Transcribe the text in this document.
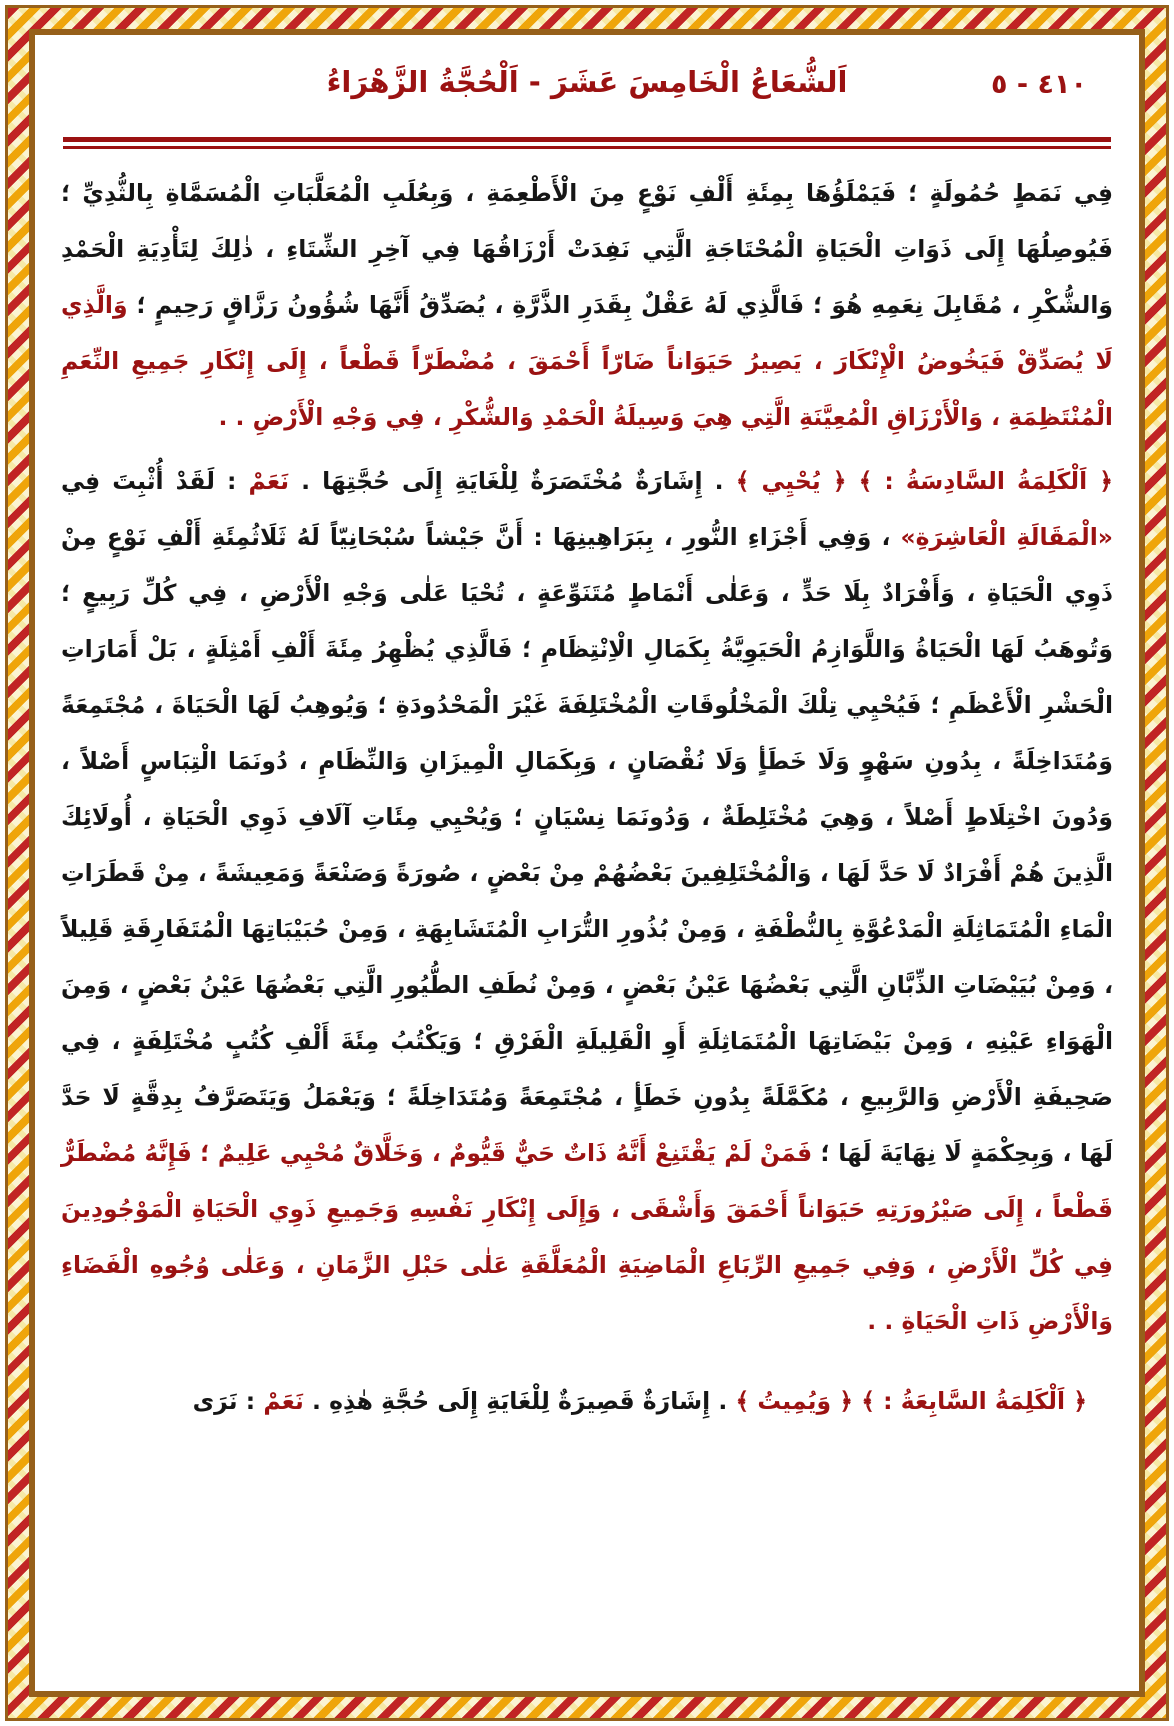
اَلشُّعَاعُ الْخَامِسَ عَشَرَ - اَلْحُجَّةُ الزَّهْرَاءُ	٤١٠ - ٥

فِي نَمَطٍ حُمُولَةٍ ؛ فَيَمْلَؤُهَا بِمِئَةِ أَلْفِ نَوْعٍ مِنَ الْأَطْعِمَةِ ، وَبِعُلَبِ الْمُعَلَّبَاتِ الْمُسَمَّاةِ بِالثُّدِيِّ ؛ فَيُوصِلُهَا إِلَى ذَوَاتِ الْحَيَاةِ الْمُحْتَاجَةِ الَّتِي نَفِدَتْ أَرْزَاقُهَا فِي آخِرِ الشِّتَاءِ ، ذٰلِكَ لِتَأْدِيَةِ الْحَمْدِ وَالشُّكْرِ ، مُقَابِلَ نِعَمِهِ هُوَ ؛ فَالَّذِي لَهُ عَقْلٌ بِقَدَرِ الذَّرَّةِ ، يُصَدِّقُ أَنَّهَا شُؤُونُ رَزَّاقٍ رَحِيمٍ ؛ وَالَّذِي لَا يُصَدِّقْ فَيَخُوضُ الْإِنْكَارَ ، يَصِيرُ حَيَوَاناً ضَارّاً أَحْمَقَ ، مُضْطَرّاً قَطْعاً ، إِلَى إِنْكَارِ جَمِيعِ النِّعَمِ الْمُنْتَظِمَةِ ، وَالْأَرْزَاقِ الْمُعِيَّنَةِ الَّتِي هِيَ وَسِيلَةُ الْحَمْدِ وَالشُّكْرِ ، فِي وَجْهِ الْأَرْضِ . .

﴿ اَلْكَلِمَةُ السَّادِسَةُ : ﴾ ﴿ يُحْيِي ﴾ . إِشَارَةٌ مُخْتَصَرَةٌ لِلْغَايَةِ إِلَى حُجَّتِهَا . نَعَمْ : لَقَدْ أُثْبِتَ فِي «الْمَقَالَةِ الْعَاشِرَةِ» ، وَفِي أَجْزَاءِ النُّورِ ، بِبَرَاهِينِهَا : أَنَّ جَيْشاً سُبْحَانِيّاً لَهُ ثَلَاثُمِئَةِ أَلْفِ نَوْعٍ مِنْ ذَوِي الْحَيَاةِ ، وَأَفْرَادٌ بِلَا حَدٍّ ، وَعَلٰى أَنْمَاطٍ مُتَنَوِّعَةٍ ، تُحْيَا عَلٰى وَجْهِ الْأَرْضِ ، فِي كُلِّ رَبِيعٍ ؛ وَتُوهَبُ لَهَا الْحَيَاةُ وَاللَّوَازِمُ الْحَيَوِيَّةُ بِكَمَالِ الْاِنْتِظَامِ ؛ فَالَّذِي يُظْهِرُ مِئَةَ أَلْفِ أَمْثِلَةٍ ، بَلْ أَمَارَاتِ الْحَشْرِ الْأَعْظَمِ ؛ فَيُحْيِي تِلْكَ الْمَخْلُوقَاتِ الْمُخْتَلِفَةَ غَيْرَ الْمَحْدُودَةِ ؛ وَيُوهِبُ لَهَا الْحَيَاةَ ، مُجْتَمِعَةً وَمُتَدَاخِلَةً ، بِدُونِ سَهْوٍ وَلَا خَطَأٍ وَلَا نُقْصَانٍ ، وَبِكَمَالِ الْمِيزَانِ وَالنِّظَامِ ، دُونَمَا الْتِبَاسٍ أَصْلاً ، وَدُونَ اخْتِلَاطٍ أَصْلاً ، وَهِيَ مُخْتَلِطَةٌ ، وَدُونَمَا نِسْيَانٍ ؛ وَيُحْيِي مِئَاتِ آلَافِ ذَوِي الْحَيَاةِ ، أُولَائِكَ الَّذِينَ هُمْ أَفْرَادٌ لَا حَدَّ لَهَا ، وَالْمُخْتَلِفِينَ بَعْضُهُمْ مِنْ بَعْضٍ ، صُورَةً وَصَنْعَةً وَمَعِيشَةً ، مِنْ قَطَرَاتِ الْمَاءِ الْمُتَمَاثِلَةِ الْمَدْعُوَّةِ بِالنُّطْفَةِ ، وَمِنْ بُذُورِ التُّرَابِ الْمُتَشَابِهَةِ ، وَمِنْ حُبَيْبَاتِهَا الْمُتَفَارِقَةِ قَلِيلاً ، وَمِنْ بُيَيْضَاتِ الذِّبَّانِ الَّتِي بَعْضُهَا عَيْنُ بَعْضٍ ، وَمِنْ نُطَفِ الطُّيُورِ الَّتِي بَعْضُهَا عَيْنُ بَعْضٍ ، وَمِنَ الْهَوَاءِ عَيْنِهِ ، وَمِنْ بَيْضَاتِهَا الْمُتَمَاثِلَةِ أَوِ الْقَلِيلَةِ الْفَرْقِ ؛ وَيَكْتُبُ مِئَةَ أَلْفِ كُتُبٍ مُخْتَلِفَةٍ ، فِي صَحِيفَةِ الْأَرْضِ وَالرَّبِيعِ ، مُكَمَّلَةً بِدُونِ خَطَأٍ ، مُجْتَمِعَةً وَمُتَدَاخِلَةً ؛ وَيَعْمَلُ وَيَتَصَرَّفُ بِدِقَّةٍ لَا حَدَّ لَهَا ، وَبِحِكْمَةٍ لَا نِهَايَةَ لَهَا ؛ فَمَنْ لَمْ يَقْتَنِعْ أَنَّهُ ذَاتٌ حَيٌّ قَيُّومٌ ، وَخَلَّاقٌ مُحْيِي عَلِيمٌ ؛ فَإِنَّهُ مُضْطَرٌّ قَطْعاً ، إِلَى صَيْرُورَتِهِ حَيَوَاناً أَحْمَقَ وَأَشْقَى ، وَإِلَى إِنْكَارِ نَفْسِهِ وَجَمِيعِ ذَوِي الْحَيَاةِ الْمَوْجُودِينَ فِي كُلِّ الْأَرْضِ ، وَفِي جَمِيعِ الرِّبَاعِ الْمَاضِيَةِ الْمُعَلَّقَةِ عَلٰى حَبْلِ الزَّمَانِ ، وَعَلٰى وُجُوهِ الْفَضَاءِ وَالْأَرْضِ ذَاتِ الْحَيَاةِ . .

﴿ اَلْكَلِمَةُ السَّابِعَةُ : ﴾ ﴿ وَيُمِيتُ ﴾ . إِشَارَةٌ قَصِيرَةٌ لِلْغَايَةِ إِلَى حُجَّةِ هٰذِهِ . نَعَمْ : نَرَى
